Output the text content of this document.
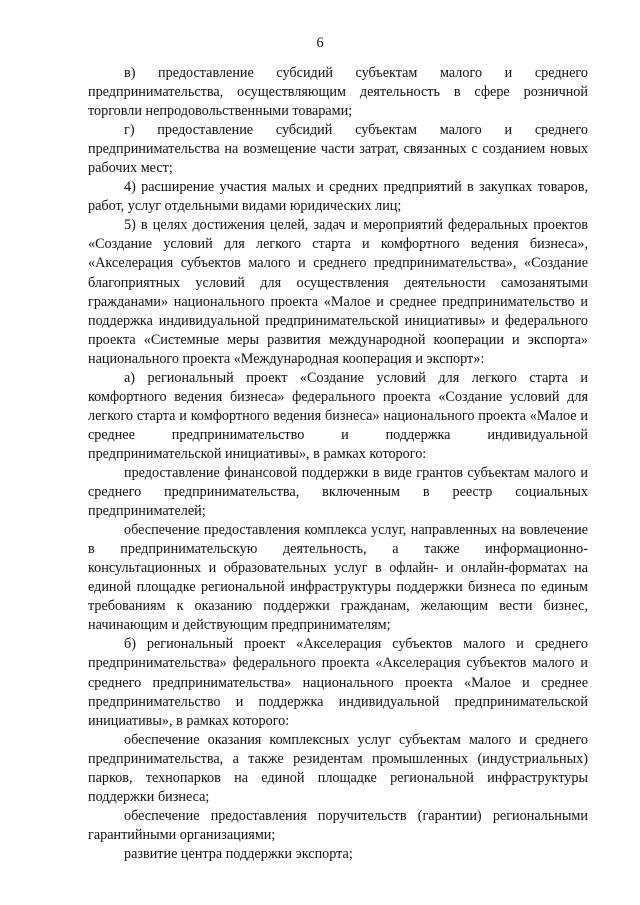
6

в) предоставление субсидий субъектам малого и среднего предпринимательства, осуществляющим деятельность в сфере розничной торговли непродовольственными товарами;

г) предоставление субсидий субъектам малого и среднего предпринимательства на возмещение части затрат, связанных с созданием новых рабочих мест;

4) расширение участия малых и средних предприятий в закупках товаров, работ, услуг отдельными видами юридических лиц;

5) в целях достижения целей, задач и мероприятий федеральных проектов «Создание условий для легкого старта и комфортного ведения бизнеса», «Акселерация субъектов малого и среднего предпринимательства», «Создание благоприятных условий для осуществления деятельности самозанятыми гражданами» национального проекта «Малое и среднее предпринимательство и поддержка индивидуальной предпринимательской инициативы» и федерального проекта «Системные меры развития международной кооперации и экспорта» национального проекта «Международная кооперация и экспорт»:

а) региональный проект «Создание условий для легкого старта и комфортного ведения бизнеса» федерального проекта «Создание условий для легкого старта и комфортного ведения бизнеса» национального проекта «Малое и среднее предпринимательство и поддержка индивидуальной предпринимательской инициативы», в рамках которого:

предоставление финансовой поддержки в виде грантов субъектам малого и среднего предпринимательства, включенным в реестр социальных предпринимателей;

обеспечение предоставления комплекса услуг, направленных на вовлечение в предпринимательскую деятельность, а также информационно-консультационных и образовательных услуг в офлайн- и онлайн-форматах на единой площадке региональной инфраструктуры поддержки бизнеса по единым требованиям к оказанию поддержки гражданам, желающим вести бизнес, начинающим и действующим предпринимателям;

б) региональный проект «Акселерация субъектов малого и среднего предпринимательства» федерального проекта «Акселерация субъектов малого и среднего предпринимательства» национального проекта «Малое и среднее предпринимательство и поддержка индивидуальной предпринимательской инициативы», в рамках которого:

обеспечение оказания комплексных услуг субъектам малого и среднего предпринимательства, а также резидентам промышленных (индустриальных) парков, технопарков на единой площадке региональной инфраструктуры поддержки бизнеса;

обеспечение предоставления поручительств (гарантии) региональными гарантийными организациями;

развитие центра поддержки экспорта;
